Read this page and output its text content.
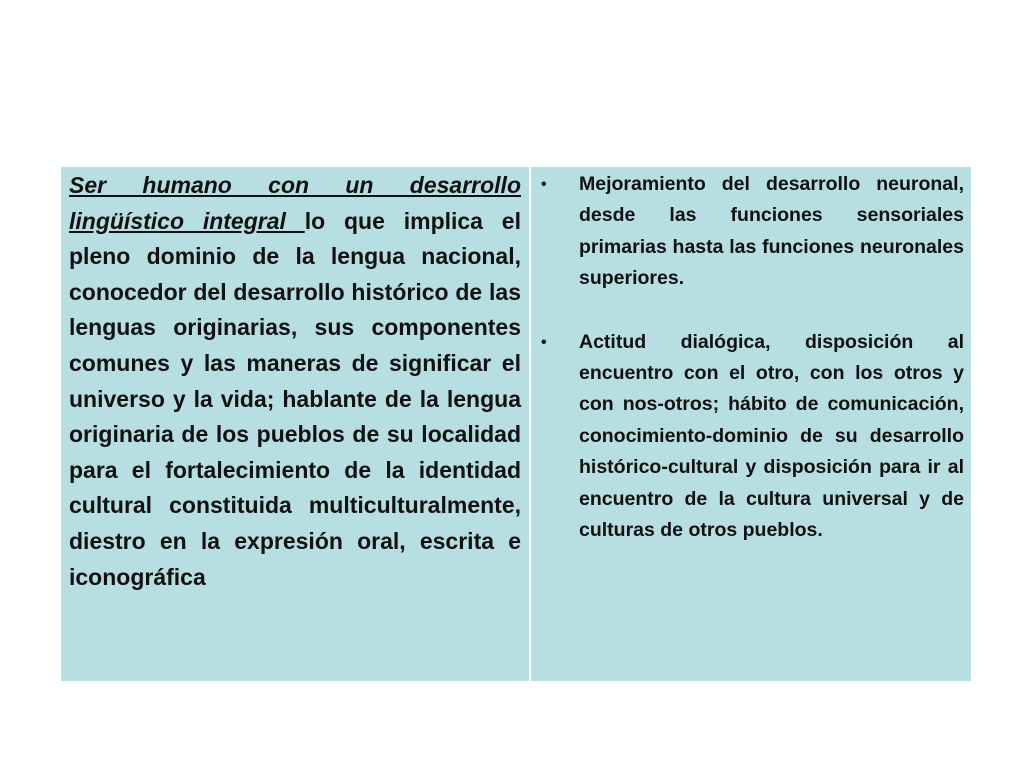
Ser humano con un desarrollo lingüístico integral lo que implica el pleno dominio de la lengua nacional, conocedor del desarrollo histórico de las lenguas originarias, sus componentes comunes y las maneras de significar el universo y la vida; hablante de la lengua originaria de los pueblos de su localidad para el fortalecimiento de la identidad cultural constituida multiculturalmente, diestro en la expresión oral, escrita e iconográfica

•	Mejoramiento del desarrollo neuronal, desde las funciones sensoriales primarias hasta las funciones neuronales superiores.
•	Actitud dialógica, disposición al encuentro con el otro, con los otros y con nos-otros; hábito de comunicación, conocimiento-dominio de su desarrollo histórico-cultural y disposición para ir al encuentro de la cultura universal y de culturas de otros pueblos.
